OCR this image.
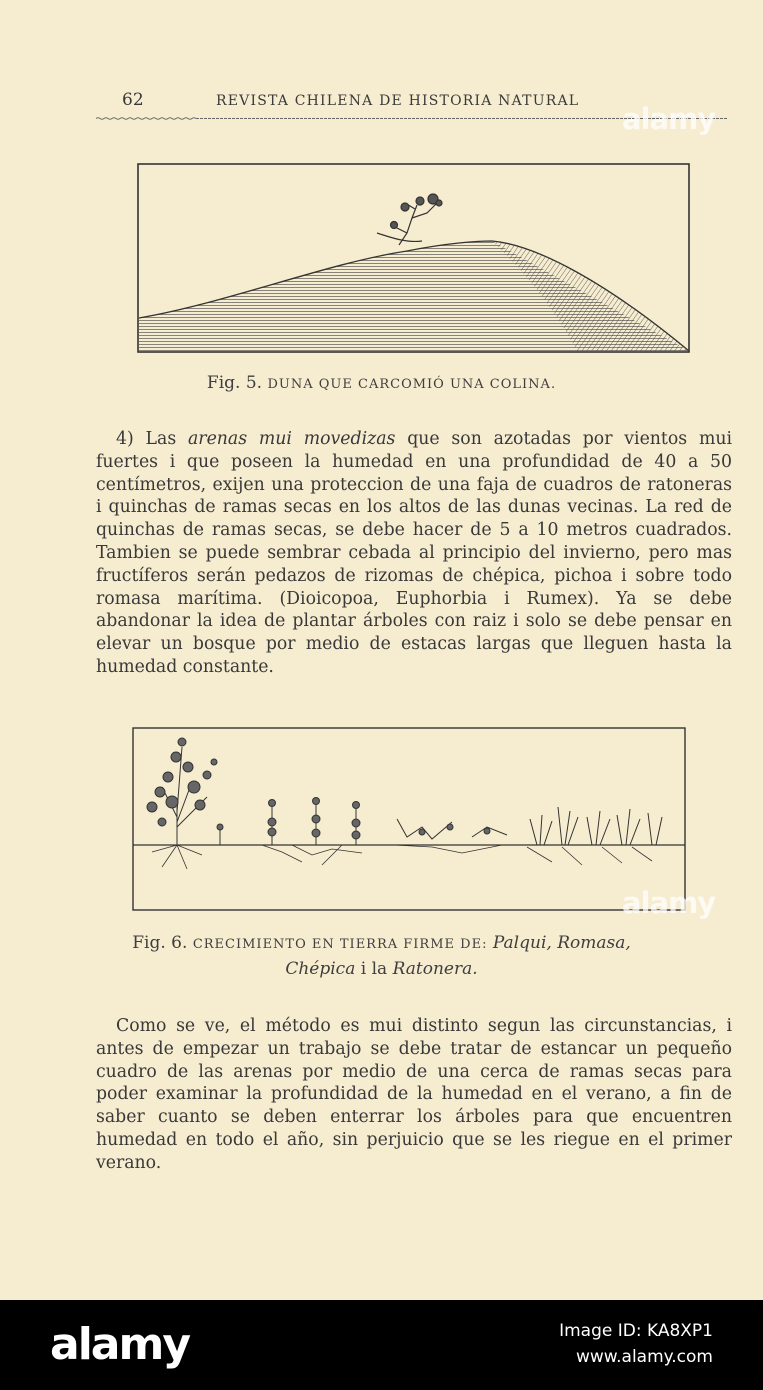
62	REVISTA CHILENA DE HISTORIA NATURAL
Fig. 5. DUNA QUE CARCOMIÓ UNA COLINA.

4) Las arenas mui movedizas que son azotadas por vientos mui fuertes i que poseen la humedad en una profundidad de 40 a 50 centímetros, exijen una proteccion de una faja de cuadros de ratoneras i quinchas de ramas secas en los altos de las dunas vecinas. La red de quinchas de ramas secas, se debe hacer de 5 a 10 metros cuadrados. Tambien se puede sembrar cebada al principio del invierno, pero mas fructíferos serán pedazos de rizomas de chépica, pichoa i sobre todo romasa marítima. (Dioicopoa, Euphorbia i Rumex). Ya se debe abandonar la idea de plantar árboles con raiz i solo se debe pensar en elevar un bosque por medio de estacas largas que lleguen hasta la humedad constante.

Fig. 6. CRECIMIENTO EN TIERRA FIRME DE: Palqui, Romasa,
Chépica i la Ratonera.

Como se ve, el método es mui distinto segun las circunstancias, i antes de empezar un trabajo se debe tratar de estancar un pequeño cuadro de las arenas por medio de una cerca de ramas secas para poder examinar la profundidad de la humedad en el verano, a fin de saber cuanto se deben enterrar los árboles para que encuentren humedad en todo el año, sin perjuicio que se les riegue en el primer verano.

alamy
alamy
alamy	Image ID: KA8XP1
www.alamy.com
